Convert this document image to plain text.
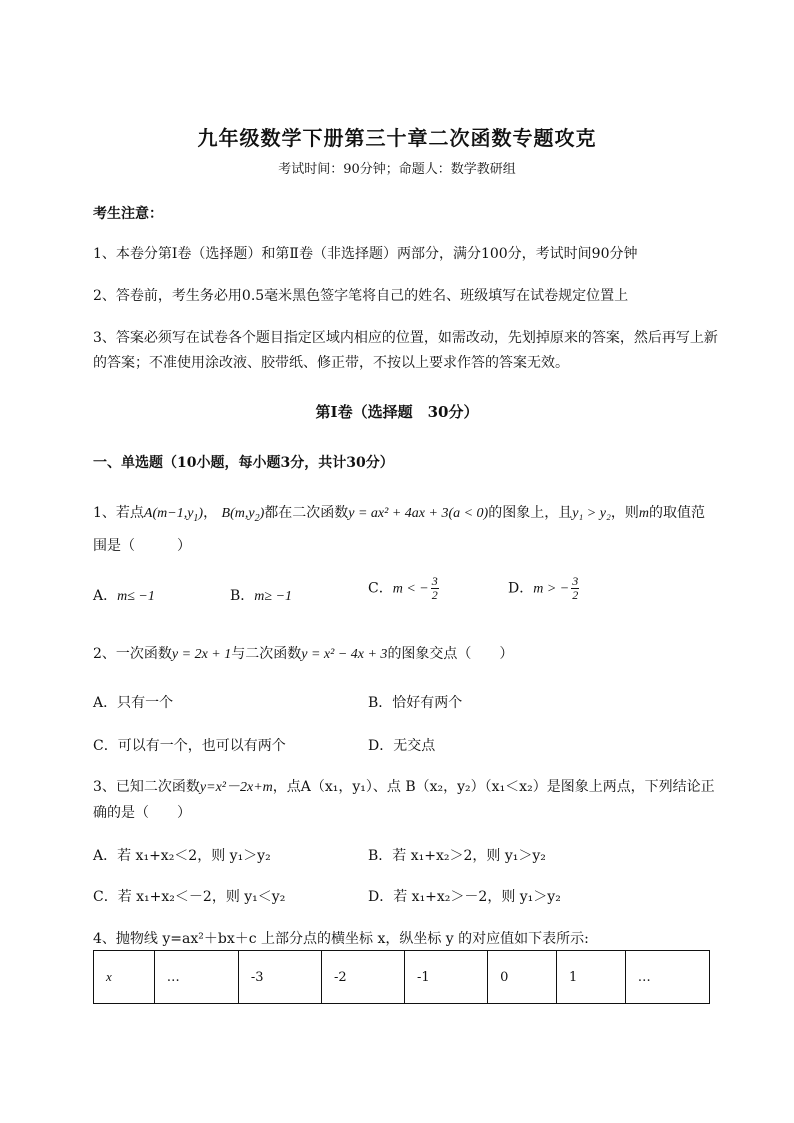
九年级数学下册第三十章二次函数专题攻克
考试时间：90分钟；命题人：数学教研组
考生注意：
1、本卷分第I卷（选择题）和第Ⅱ卷（非选择题）两部分，满分100分，考试时间90分钟
2、答卷前，考生务必用0.5毫米黑色签字笔将自己的姓名、班级填写在试卷规定位置上
3、答案必须写在试卷各个题目指定区域内相应的位置，如需改动，先划掉原来的答案，然后再写上新
的答案；不准使用涂改液、胶带纸、修正带，不按以上要求作答的答案无效。
第I卷（选择题　30分）
一、单选题（10小题，每小题3分，共计30分）
1、若点$A(m-1,y_1)$， $B(m,y_2)$都在二次函数y = ax² + 4ax + 3(a < 0)的图象上，且y₁ > y₂，则m的取值范
围是（　　　）
A．m≤ −1	B．m≥ −1	C．m < − $\frac{3}{2}$	D．m > − $\frac{3}{2}$
2、一次函数y = 2x + 1与二次函数y = x² − 4x + 3的图象交点（　　）
A．只有一个	B．恰好有两个
C．可以有一个，也可以有两个	D．无交点
3、已知二次函数y=x²－2x+m，点A（x₁，y₁）、点 B（x₂，y₂）（x₁＜x₂）是图象上两点，下列结论正
确的是（　　）
A．若 x₁+x₂＜2，则 y₁＞y₂	B．若 x₁+x₂＞2，则 y₁＞y₂
C．若 x₁+x₂＜－2，则 y₁＜y₂	D．若 x₁+x₂＞－2，则 y₁＞y₂
4、抛物线 y=ax²＋bx＋c 上部分点的横坐标 x，纵坐标 y 的对应值如下表所示:
x	…	-3	-2	-1	0	1	…
